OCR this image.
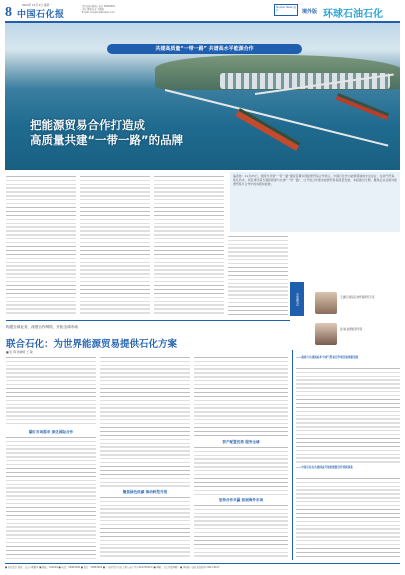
8 中国石化报
2024年 12月 2日 星期一	责任编辑 陈晓东 电话 59964000
审校 曹刚 版式 王晓刚
E-mail: sinopec@sinopec.com
Sinopec News 海外	境外版 环球石油石化
共建高质量“一带一路” 共谱高水平能源合作
把能源贸易合作打造成
高质量共建“一带一路”的品牌
编者按：11月25日，我国与共建“一带一路”国家签署多项能源贸易合作协议。中国石化作为能源领域的中央企业，在油气贸易、炼化技术、项目建设等方面积极参与共建“一带一路”，以开放合作推动能源贸易高质量发展。本版推出专题，聚焦企业在海外能源贸易与合作中的实践和成效。
专家观点	王建民 国际石油贸易研究专家
孙 敏 能源经济学者
——我国与共建国家多个油气贸易合作项目取得新进展
——中国石化在共建国家开展的能源合作持续深化
构建全球业务、深度合作网络，开拓全球市场
联合石化：为世界能源贸易提供石化方案
■ 张 辉 周晓明 王 敏
紧盯市场需求 深化国际合作
聚焦绿色低碳 推动转型升级
资产配置优势 服务全球
坚持合作共赢 拓展海外市场
■ 石化报社 地址：北京市朝阳区 ■ 邮编：100029 ■ 电话：59963999 ■ 发行：59963200 ■ 广告经营许可证 京朝工商广登字20170022号 ■ 印刷：人民日报印刷厂 ■ 国内统一连续出版物号 CN11-0107
